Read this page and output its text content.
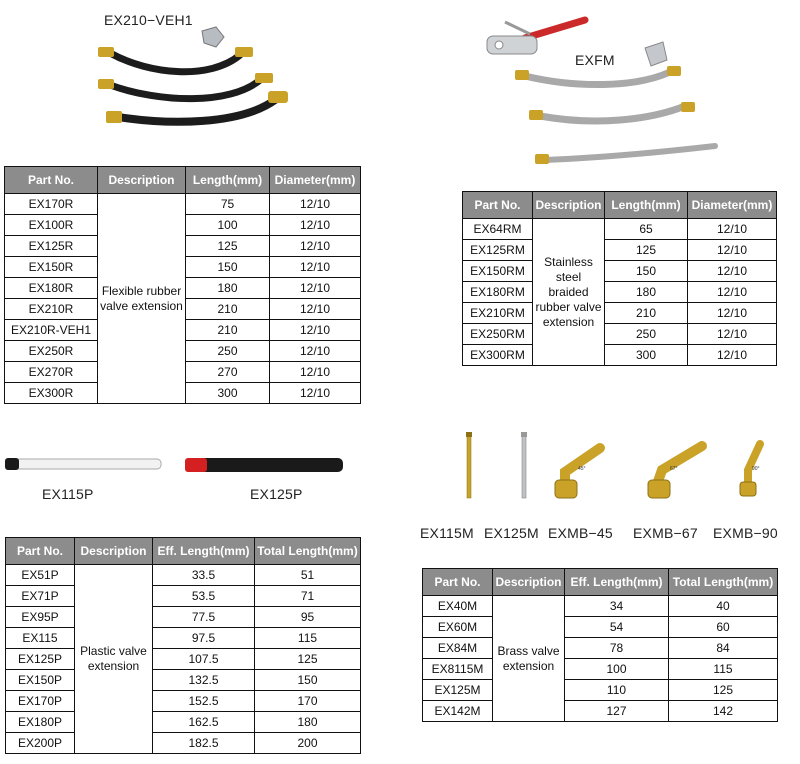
EX210−VEH1
EXFM
EX115P	EX125P
45°	67°	90°
EX115M EX125M EXMB−45 EXMB−67 EXMB−90
Part No.	Description	Length(mm)	Diameter(mm)
EX170R	Flexible rubber valve extension	75	12/10
EX100R		100	12/10
EX125R		125	12/10
EX150R		150	12/10
EX180R		180	12/10
EX210R		210	12/10
EX210R-VEH1		210	12/10
EX250R		250	12/10
EX270R		270	12/10
EX300R		300	12/10
Part No.	Description	Length(mm)	Diameter(mm)
EX64RM	Stainless steel braided rubber valve extension	65	12/10
EX125RM		125	12/10
EX150RM		150	12/10
EX180RM		180	12/10
EX210RM		210	12/10
EX250RM		250	12/10
EX300RM		300	12/10
Part No.	Description	Eff. Length(mm)	Total Length(mm)
EX51P	Plastic valve extension	33.5	51
EX71P		53.5	71
EX95P		77.5	95
EX115		97.5	115
EX125P		107.5	125
EX150P		132.5	150
EX170P		152.5	170
EX180P		162.5	180
EX200P		182.5	200
Part No.	Description	Eff. Length(mm)	Total Length(mm)
EX40M	Brass valve extension	34	40
EX60M		54	60
EX84M		78	84
EX8115M		100	115
EX125M		110	125
EX142M		127	142
